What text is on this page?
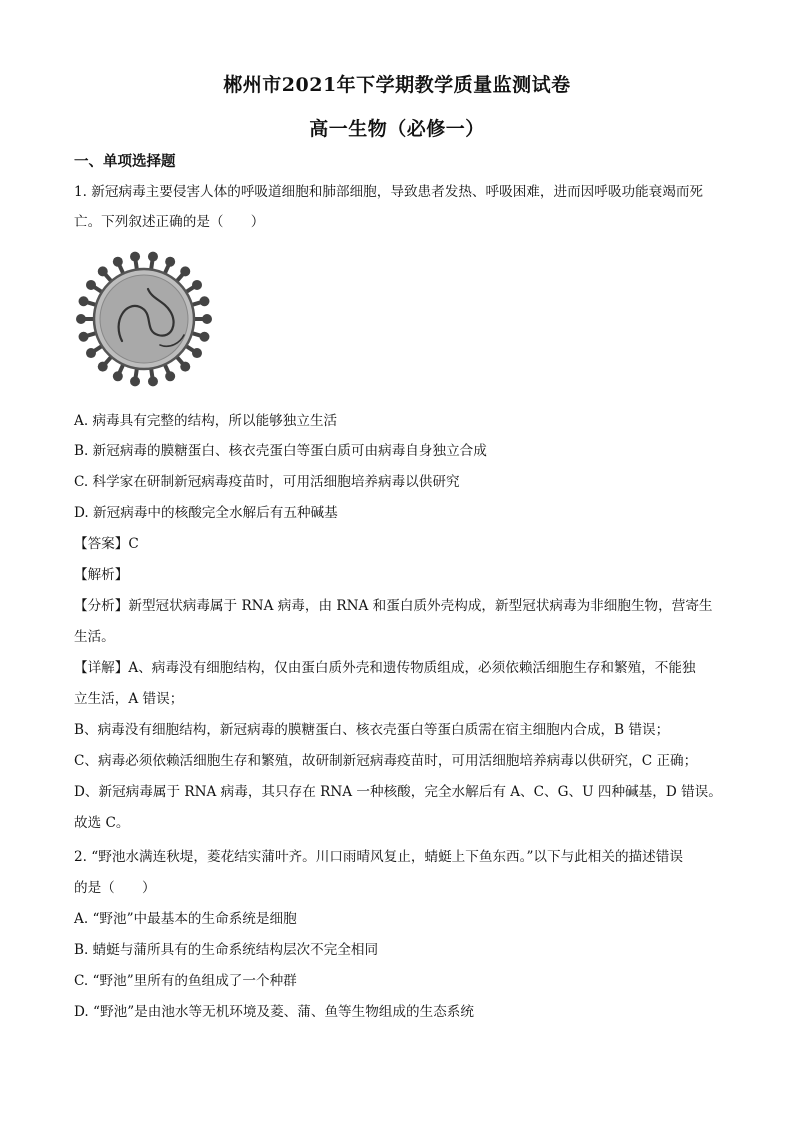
郴州市2021年下学期教学质量监测试卷
高一生物（必修一）
一、单项选择题
1. 新冠病毒主要侵害人体的呼吸道细胞和肺部细胞，导致患者发热、呼吸困难，进而因呼吸功能衰竭而死
亡。下列叙述正确的是（　　）
A. 病毒具有完整的结构，所以能够独立生活
B. 新冠病毒的膜糖蛋白、核衣壳蛋白等蛋白质可由病毒自身独立合成
C. 科学家在研制新冠病毒疫苗时，可用活细胞培养病毒以供研究
D. 新冠病毒中的核酸完全水解后有五种碱基
【答案】C
【解析】
【分析】新型冠状病毒属于 RNA 病毒，由 RNA 和蛋白质外壳构成，新型冠状病毒为非细胞生物，营寄生
生活。
【详解】A、病毒没有细胞结构，仅由蛋白质外壳和遗传物质组成，必须依赖活细胞生存和繁殖，不能独
立生活，A 错误；
B、病毒没有细胞结构，新冠病毒的膜糖蛋白、核衣壳蛋白等蛋白质需在宿主细胞内合成，B 错误；
C、病毒必须依赖活细胞生存和繁殖，故研制新冠病毒疫苗时，可用活细胞培养病毒以供研究，C 正确；
D、新冠病毒属于 RNA 病毒，其只存在 RNA 一种核酸，完全水解后有 A、C、G、U 四种碱基，D 错误。
故选 C。
2. “野池水满连秋堤，菱花结实蒲叶齐。川口雨晴风复止，蜻蜓上下鱼东西。”以下与此相关的描述错误
的是（　　）
A. “野池”中最基本的生命系统是细胞
B. 蜻蜓与蒲所具有的生命系统结构层次不完全相同
C. “野池”里所有的鱼组成了一个种群
D. “野池”是由池水等无机环境及菱、蒲、鱼等生物组成的生态系统
